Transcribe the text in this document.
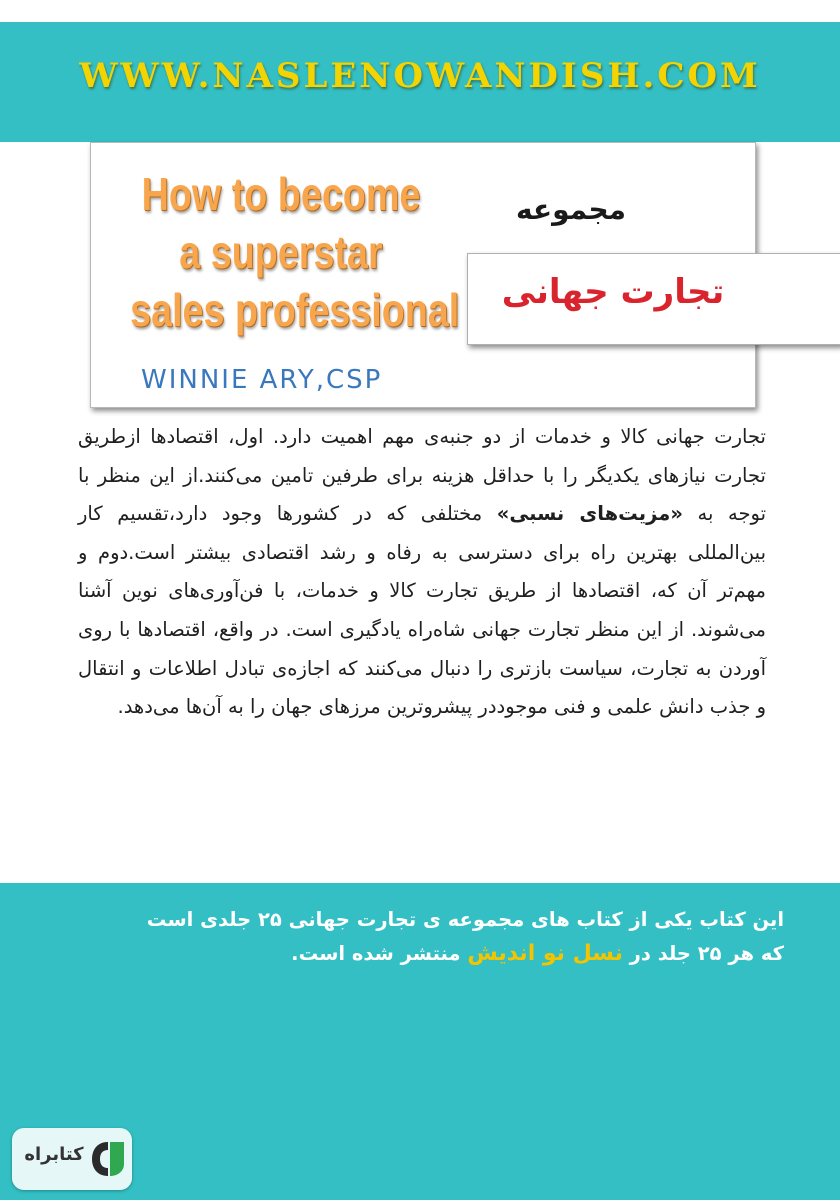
WWW.NASLENOWANDISH.COM
How to become
a superstar
sales professional
WINNIE ARY,CSP
مجموعه
تجارت جهانی
تجارت جهانی کالا و خدمات از دو جنبه‌ی مهم اهمیت دارد. اول، اقتصادها ازطریق تجارت نیازهای یکدیگر را با حداقل هزینه برای طرفین تامین می‌کنند.از این منظر با توجه به «مزیت‌های نسبی» مختلفی که در کشورها وجود دارد،تقسیم کار بین‌المللی بهترین راه برای دسترسی به رفاه و رشد اقتصادی بیشتر است.دوم و مهم‌تر آن که، اقتصادها از طریق تجارت کالا و خدمات، با فن‌آوری‌های نوین آشنا می‌شوند. از این منظر تجارت جهانی شاه‌راه یادگیری است. در واقع، اقتصادها با روی آوردن به تجارت، سیاست بازتری را دنبال می‌کنند که اجازه‌ی تبادل اطلاعات و انتقال و جذب دانش علمی و فنی موجوددر پیشروترین مرزهای جهان را به آن‌ها می‌دهد.
این کتاب یکی از کتاب های مجموعه ی تجارت جهانی ۲۵ جلدی است
که هر ۲۵ جلد در نسل نو اندیش منتشر شده است.
کتابراه
